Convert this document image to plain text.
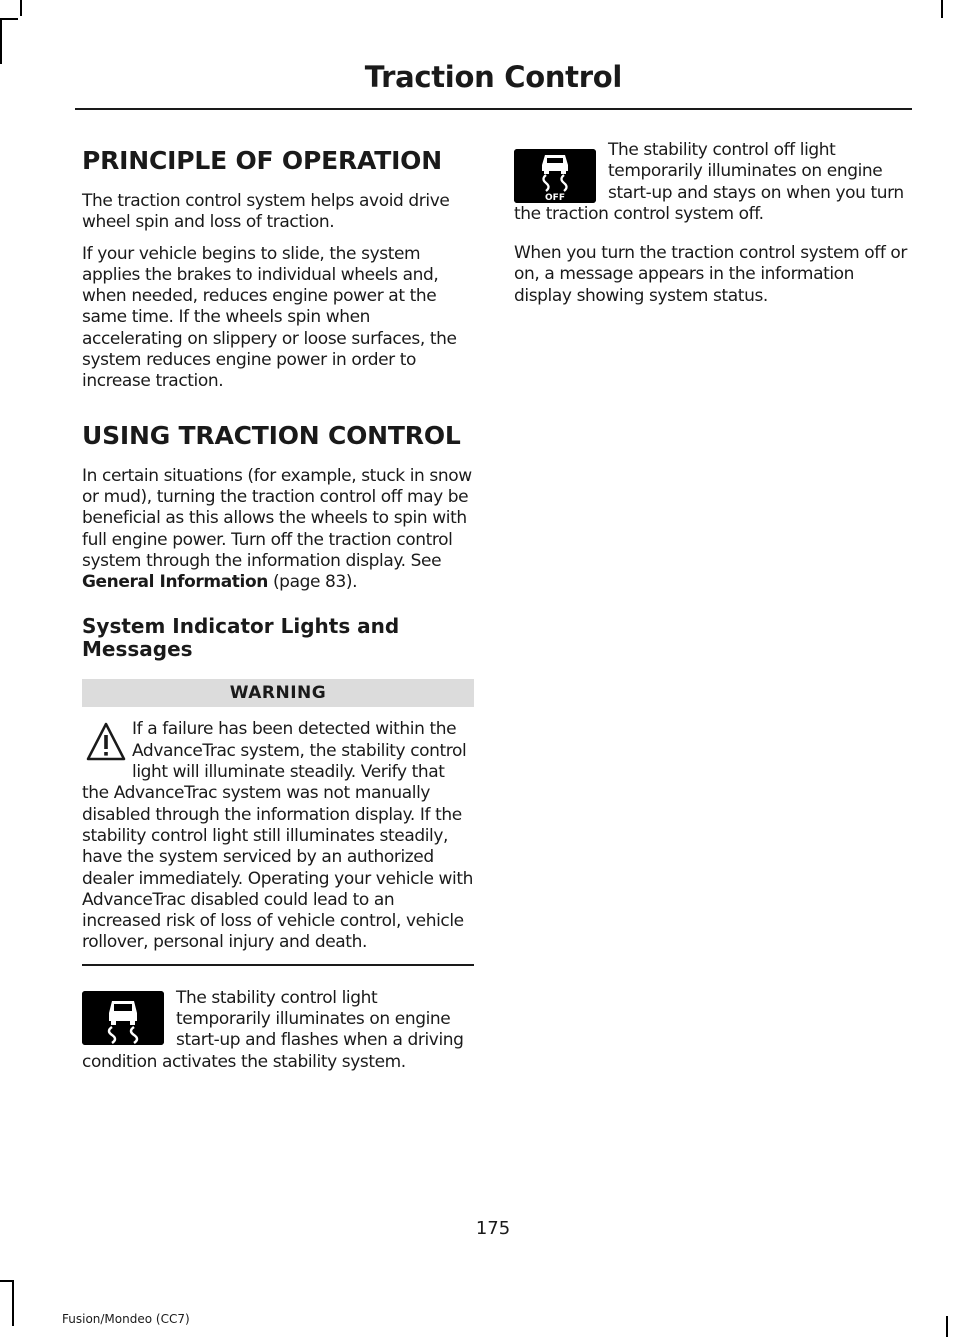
Traction Control
PRINCIPLE OF OPERATION

The traction control system helps avoid drive wheel spin and loss of traction.

If your vehicle begins to slide, the system applies the brakes to individual wheels and, when needed, reduces engine power at the same time. If the wheels spin when accelerating on slippery or loose surfaces, the system reduces engine power in order to increase traction.

USING TRACTION CONTROL

In certain situations (for example, stuck in snow or mud), turning the traction control off may be beneficial as this allows the wheels to spin with full engine power. Turn off the traction control system through the information display. See General Information (page 83).

System Indicator Lights and Messages
WARNING

If a failure has been detected within the AdvanceTrac system, the stability control light will illuminate steadily. Verify that the AdvanceTrac system was not manually disabled through the information display. If the stability control light still illuminates steadily, have the system serviced by an authorized dealer immediately. Operating your vehicle with AdvanceTrac disabled could lead to an increased risk of loss of vehicle control, vehicle rollover, personal injury and death.

The stability control light temporarily illuminates on engine start-up and flashes when a driving condition activates the stability system.

OFF

The stability control off light temporarily illuminates on engine start-up and stays on when you turn the traction control system off.

When you turn the traction control system off or on, a message appears in the information display showing system status.

175
Fusion/Mondeo (CC7)
